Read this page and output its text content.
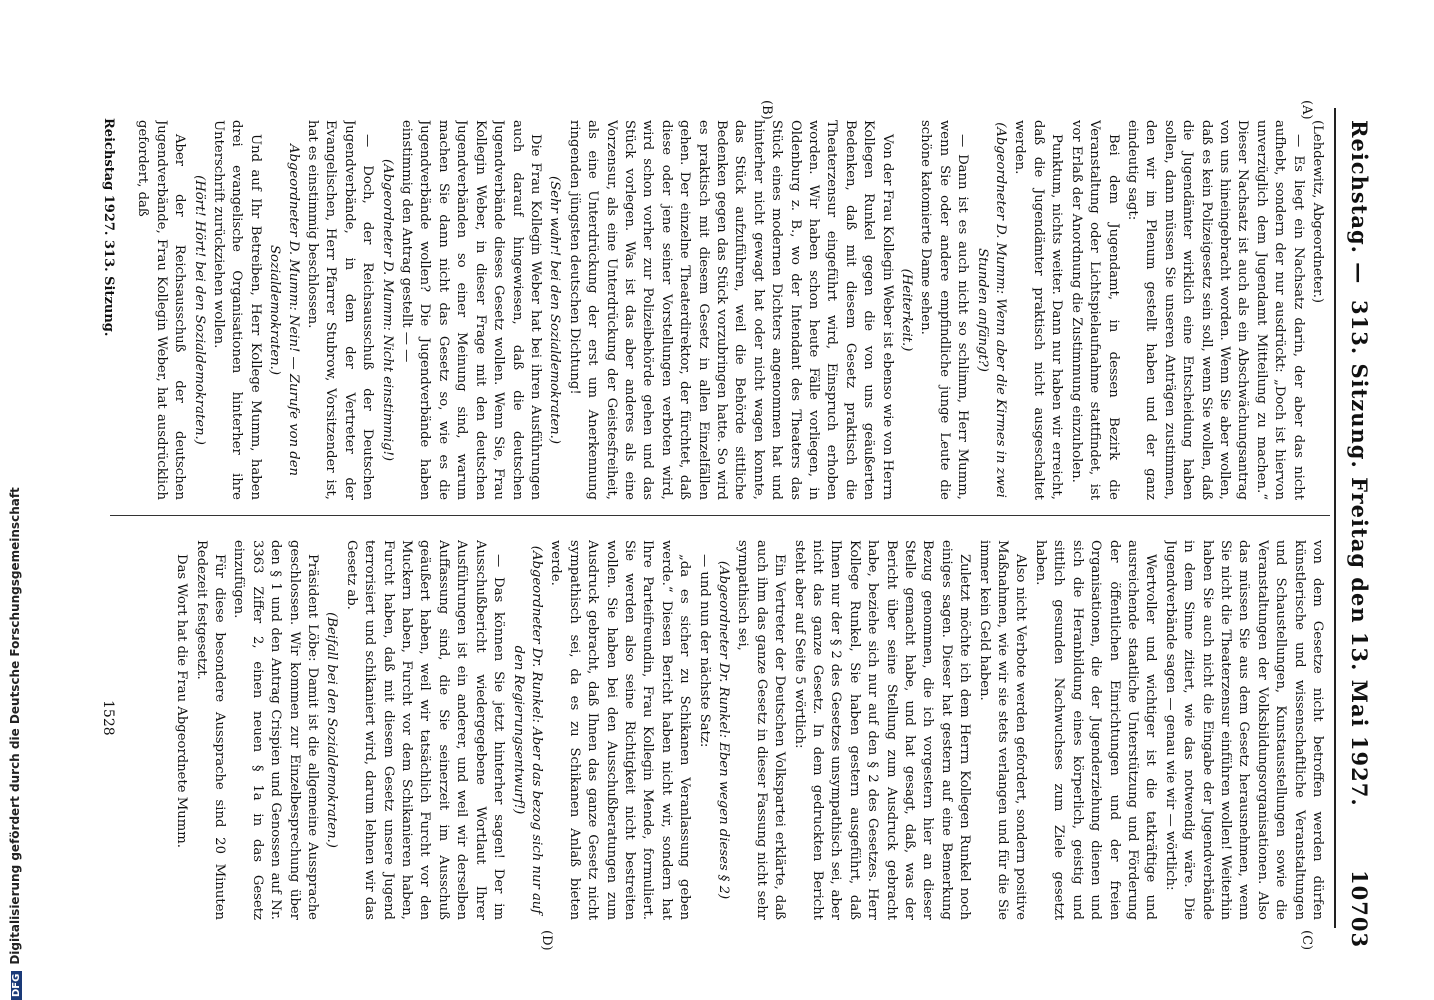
Reichstag. —
313. Sitzung. Freitag den 13. Mai 1927.
10703
(A)
(B)
(C)
(D)

(Lehdewitz, Abgeordneter.)

— Es liegt ein Nachsatz darin, der aber das nicht aufhebt, sondern der nur ausdrückt: „Doch ist hiervon unverzüglich dem Jugendamt Mitteilung zu machen.“ Dieser Nachsatz ist auch als ein Abschwächungsantrag von uns hineingebracht worden. Wenn Sie aber wollen, daß es kein Polizeigesetz sein soll, wenn Sie wollen, daß die Jugendämter wirklich eine Entscheidung haben sollen, dann müssen Sie unseren Anträgen zustimmen, den wir im Plenum gestellt haben und der ganz eindeutig sagt:

Bei dem Jugendamt, in dessen Bezirk die Veranstaltung oder Lichtspielaufnahme stattfindet, ist vor Erlaß der Anordnung die Zustimmung einzuholen.

Punktum, nichts weiter. Dann nur haben wir erreicht, daß die Jugendämter praktisch nicht ausgeschaltet werden.

(Abgeordneter D. Mumm: Wenn aber die Kirmes in zwei Stunden anfängt?)

— Dann ist es auch nicht so schlimm, Herr Mumm, wenn Sie oder andere empfindliche junge Leute die schöne katomierte Dame sehen.

(Heiterkeit.)

Von der Frau Kollegin Weber ist ebenso wie von Herrn Kollegen Runkel gegen die von uns geäußerten Bedenken, daß mit diesem Gesetz praktisch die Theaterzensur eingeführt wird, Einspruch erhoben worden. Wir haben schon heute Fälle vorliegen, in Oldenburg z. B., wo der Intendant des Theaters das Stück eines modernen Dichters angenommen hat und hinterher nicht gewagt hat oder nicht wagen konnte, das Stück aufzuführen, weil die Behörde sittliche Bedenken gegen das Stück vorzubringen hatte. So wird es praktisch mit diesem Gesetz in allen Einzelfällen gehen. Der einzelne Theaterdirektor, der fürchtet, daß diese oder jene seiner Vorstellungen verboten wird, wird schon vorher zur Polizeibehörde gehen und das Stück vorlegen. Was ist das aber anderes als eine Vorzensur, als eine Unterdrückung der Geistesfreiheit, als eine Unterdrückung der erst um Anerkennung ringenden jüngsten deutschen Dichtung!

(Sehr wahr! bei den Sozialdemokraten.)

Die Frau Kollegin Weber hat bei ihren Ausführungen auch darauf hingewiesen, daß die deutschen Jugendverbände dieses Gesetz wollen. Wenn Sie, Frau Kollegin Weber, in dieser Frage mit den deutschen Jugendverbänden so einer Meinung sind, warum machen Sie dann nicht das Gesetz so, wie es die Jugendverbände wollen? Die Jugendverbände haben einstimmig den Antrag gestellt — —

(Abgeordneter D. Mumm: Nicht einstimmig!)

— Doch, der Reichsausschuß der Deutschen Jugendverbände, in dem der Vertreter der Evangelischen, Herr Pfarrer Stubrow, Vorsitzender ist, hat es einstimmig beschlossen.

Abgeordneter D. Mumm: Nein! — Zurufe von den Sozialdemokraten.)

Und auf Ihr Betreiben, Herr Kollege Mumm, haben drei evangelische Organisationen hinterher ihre Unterschrift zurückziehen wollen.

(Hört! Hört! bei den Sozialdemokraten.)

Aber der Reichsausschuß der deutschen Jugendverbände, Frau Kollegin Weber, hat ausdrücklich gefordert, daß

von dem Gesetze nicht betroffen werden dürfen künstlerische und wissenschaftliche Veranstaltungen und Schaustellungen, Kunstausstellungen sowie die Veranstaltungen der Volksbildungsorganisationen. Also das müssen Sie aus dem Gesetz herausnehmen, wenn Sie nicht die Theaterzensur einführen wollen! Weiterhin haben Sie auch nicht die Eingabe der Jugendverbände in dem Sinne zitiert, wie das notwendig wäre. Die Jugendverbände sagen — genau wie wir — wörtlich:

Wertvoller und wichtiger ist die tatkräftige und ausreichende staatliche Unterstützung und Förderung der öffentlichen Einrichtungen und der freien Organisationen, die der Jugenderziehung dienen und sich die Heranbildung eines körperlich, geistig und sittlich gesunden Nachwuchses zum Ziele gesetzt haben.

Also nicht Verbote werden gefordert, sondern positive Maßnahmen, wie wir sie stets verlangen und für die Sie immer kein Geld haben.

Zuletzt möchte ich dem Herrn Kollegen Runkel noch einiges sagen. Dieser hat gestern auf eine Bemerkung Bezug genommen, die ich vorgestern hier an dieser Stelle gemacht habe, und hat gesagt, daß, was der Bericht über seine Stellung zum Ausdruck gebracht habe, beziehe sich nur auf den § 2 des Gesetzes. Herr Kollege Runkel, Sie haben gestern ausgeführt, daß Ihnen nur der § 2 des Gesetzes unsympathisch sei, aber nicht das ganze Gesetz. In dem gedruckten Bericht steht aber auf Seite 5 wörtlich:

Ein Vertreter der Deutschen Volkspartei erklärte, daß auch ihm das ganze Gesetz in dieser Fassung nicht sehr sympathisch sei,

(Abgeordneter Dr. Runkel: Eben wegen dieses § 2)

— und nun der nächste Satz:

„da es sicher zu Schikanen Veranlassung geben werde.“ Diesen Bericht haben nicht wir, sondern hat Ihre Parteifreundin, Frau Kollegin Mende, formuliert. Sie werden also seine Richtigkeit nicht bestreiten wollen. Sie haben bei den Ausschußberatungen zum Ausdruck gebracht, daß Ihnen das ganze Gesetz nicht sympathisch sei, da es zu Schikanen Anlaß bieten werde.

(Abgeordneter Dr. Runkel: Aber das bezog sich nur auf den Regierungsentwurf!)

— Das können Sie jetzt hinterher sagen! Der im Ausschußbericht wiedergegebene Wortlaut Ihrer Ausführungen ist ein anderer, und weil wir derselben Auffassung sind, die Sie seinerzeit im Ausschuß geäußert haben, weil wir tatsächlich Furcht vor den Muckern haben, Furcht vor dem Schikanieren haben, Furcht haben, daß mit diesem Gesetz unsere Jugend terrorisiert und schikaniert wird, darum lehnen wir das Gesetz ab.

(Beifall bei den Sozialdemokraten.)

Präsident Löbe: Damit ist die allgemeine Aussprache geschlossen. Wir kommen zur Einzelbesprechung über den § 1 und den Antrag Crispien und Genossen auf Nr. 3363 Ziffer 2, einen neuen § 1a in das Gesetz einzufügen.

Für diese besondere Aussprache sind 20 Minuten Redezeit festgesetzt.

Das Wort hat die Frau Abgeordnete Mumm.

Reichstag 1927. 313. Sitzung.
1528
DFGDigitalisierung gefördert durch die Deutsche Forschungsgemeinschaft
